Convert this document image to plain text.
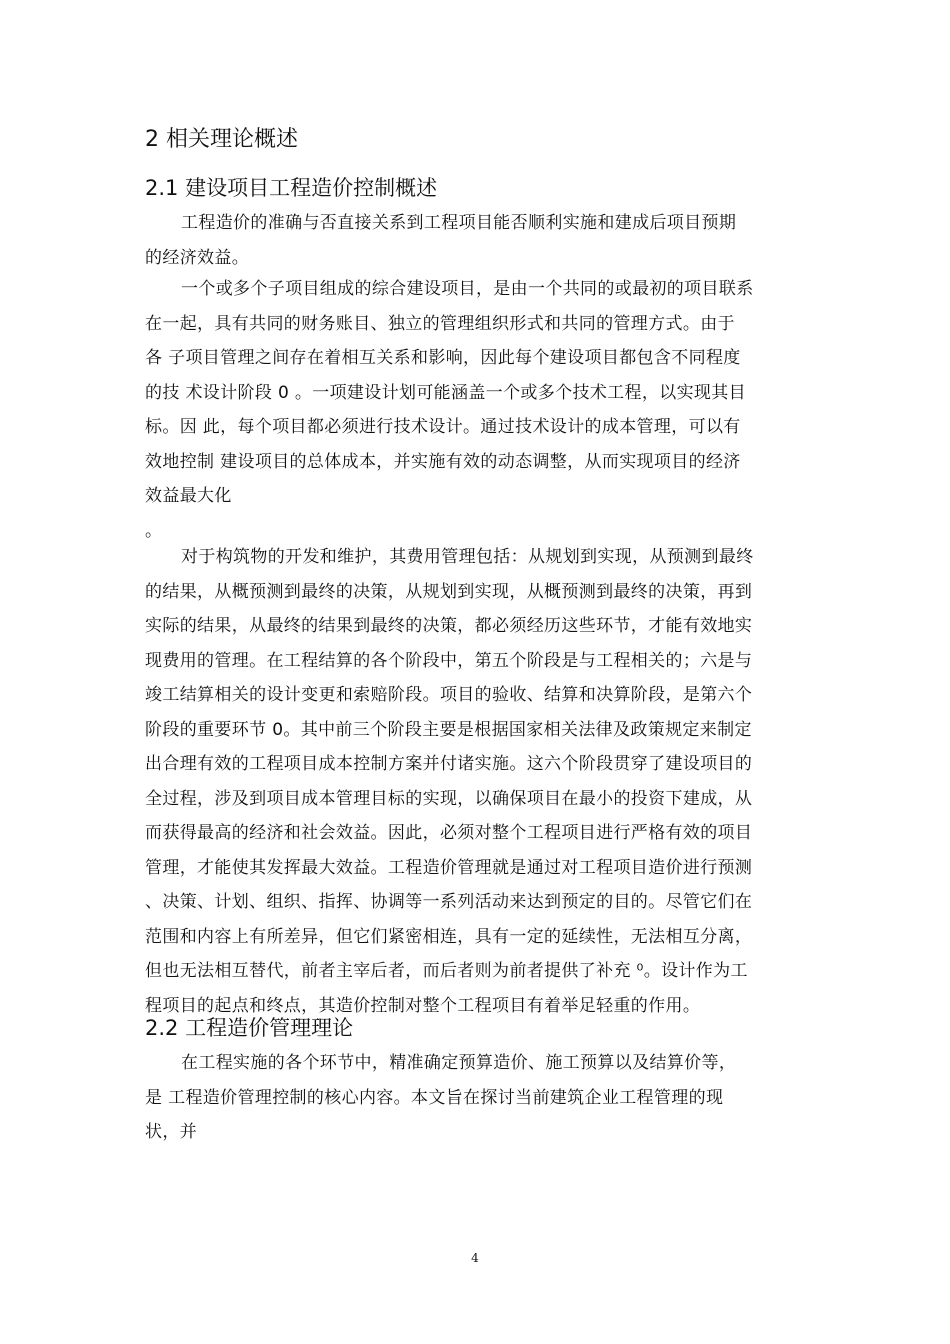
2 相关理论概述
2.1 建设项目工程造价控制概述
工程造价的准确与否直接关系到工程项目能否顺利实施和建成后项目预期
的经济效益。
一个或多个子项目组成的综合建设项目，是由一个共同的或最初的项目联系
在一起，具有共同的财务账目、独立的管理组织形式和共同的管理方式。由于
各 子项目管理之间存在着相互关系和影响，因此每个建设项目都包含不同程度
的技 术设计阶段 0 。一项建设计划可能涵盖一个或多个技术工程，以实现其目
标。因 此，每个项目都必须进行技术设计。通过技术设计的成本管理，可以有
效地控制 建设项目的总体成本，并实施有效的动态调整，从而实现项目的经济
效益最大化
。
对于构筑物的开发和维护，其费用管理包括：从规划到实现，从预测到最终
的结果，从概预测到最终的决策，从规划到实现，从概预测到最终的决策，再到
实际的结果，从最终的结果到最终的决策，都必须经历这些环节，才能有效地实
现费用的管理。在工程结算的各个阶段中，第五个阶段是与工程相关的；六是与
竣工结算相关的设计变更和索赔阶段。项目的验收、结算和决算阶段，是第六个
阶段的重要环节 0。其中前三个阶段主要是根据国家相关法律及政策规定来制定
出合理有效的工程项目成本控制方案并付诸实施。这六个阶段贯穿了建设项目的
全过程，涉及到项目成本管理目标的实现，以确保项目在最小的投资下建成，从
而获得最高的经济和社会效益。因此，必须对整个工程项目进行严格有效的项目
管理，才能使其发挥最大效益。工程造价管理就是通过对工程项目造价进行预测
、决策、计划、组织、指挥、协调等一系列活动来达到预定的目的。尽管它们在
范围和内容上有所差异，但它们紧密相连，具有一定的延续性，无法相互分离，
但也无法相互替代，前者主宰后者，而后者则为前者提供了补充 ⁰。设计作为工
程项目的起点和终点，其造价控制对整个工程项目有着举足轻重的作用。
2.2 工程造价管理理论
在工程实施的各个环节中，精准确定预算造价、施工预算以及结算价等，
是 工程造价管理控制的核心内容。本文旨在探讨当前建筑企业工程管理的现
状，并
4
